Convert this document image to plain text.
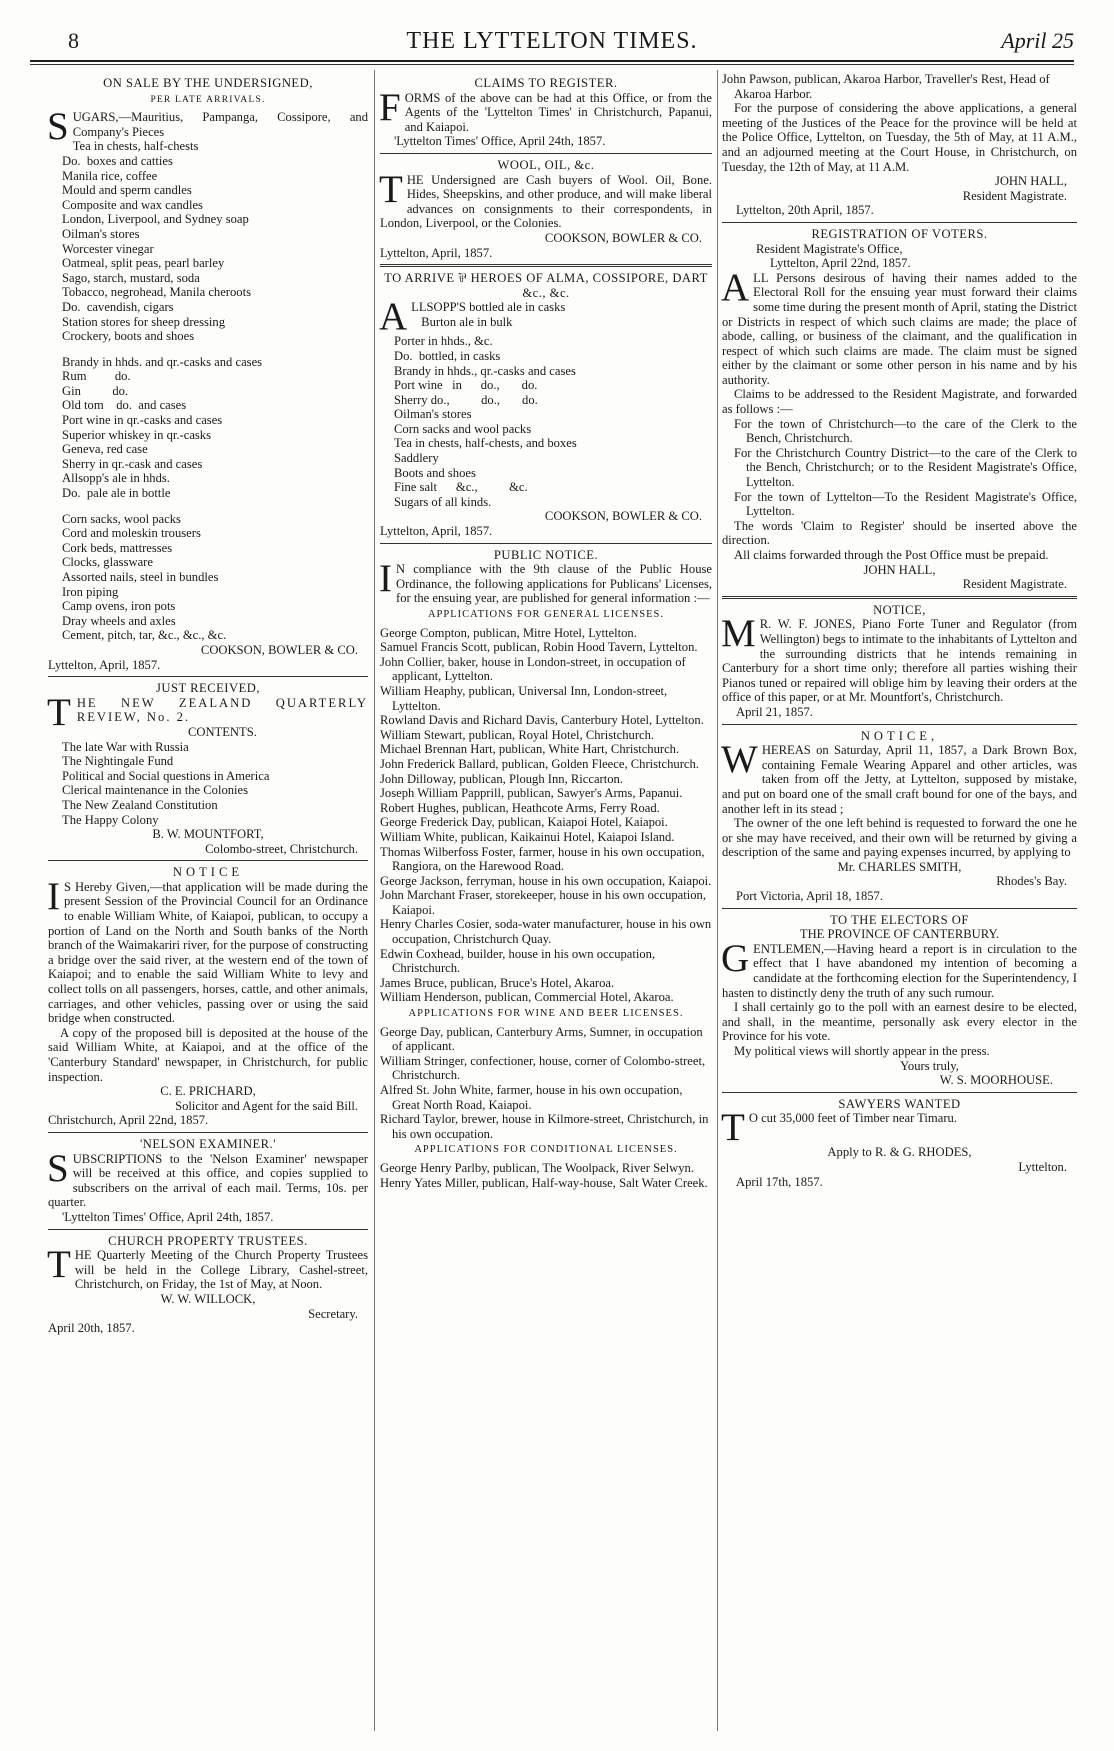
8	THE LYTTELTON TIMES.	April 25
ON SALE BY THE UNDERSIGNED,
PER LATE ARRIVALS.
SUGARS,—Mauritius, Pampanga, Cossipore, and Company's Pieces
Tea in chests, half-chests
Do.  boxes and catties
Manila rice, coffee
Mould and sperm candles
Composite and wax candles
London, Liverpool, and Sydney soap
Oilman's stores
Worcester vinegar
Oatmeal, split peas, pearl barley
Sago, starch, mustard, soda
Tobacco, negrohead, Manila cheroots
Do.  cavendish, cigars
Station stores for sheep dressing
Crockery, boots and shoes
Brandy in hhds. and qr.-casks and cases
Rum         do.
Gin          do.
Old tom    do.  and cases
Port wine in qr.-casks and cases
Superior whiskey in qr.-casks
Geneva, red case
Sherry in qr.-cask and cases
Allsopp's ale in hhds.
Do.  pale ale in bottle
Corn sacks, wool packs
Cord and moleskin trousers
Cork beds, mattresses
Clocks, glassware
Assorted nails, steel in bundles
Iron piping
Camp ovens, iron pots
Dray wheels and axles
Cement, pitch, tar, &c., &c., &c.
COOKSON, BOWLER & CO.
Lyttelton, April, 1857.
JUST RECEIVED,
THE NEW ZEALAND QUARTERLY REVIEW, No. 2.
CONTENTS.
The late War with Russia
The Nightingale Fund
Political and Social questions in America
Clerical maintenance in the Colonies
The New Zealand Constitution
The Happy Colony
B. W. MOUNTFORT,
Colombo-street, Christchurch.
NOTICE
I S Hereby Given,—that application will be made during the present Session of the Provincial Council for an Ordinance to enable William White, of Kaiapoi, publican, to occupy a portion of Land on the North and South banks of the North branch of the Waimakariri river, for the purpose of constructing a bridge over the said river, at the western end of the town of Kaiapoi; and to enable the said William White to levy and collect tolls on all passengers, horses, cattle, and other animals, carriages, and other vehicles, passing over or using the said bridge when constructed.
A copy of the proposed bill is deposited at the house of the said William White, at Kaiapoi, and at the office of the 'Canterbury Standard' newspaper, in Christchurch, for public inspection.
C. E. PRICHARD,
Solicitor and Agent for the said Bill.
Christchurch, April 22nd, 1857.
'NELSON EXAMINER.'
SUBSCRIPTIONS to the 'Nelson Examiner' newspaper will be received at this office, and copies supplied to subscribers on the arrival of each mail. Terms, 10s. per quarter.
'Lyttelton Times' Office, April 24th, 1857.
CHURCH PROPERTY TRUSTEES.
THE Quarterly Meeting of the Church Property Trustees will be held in the College Library, Cashel-street, Christchurch, on Friday, the 1st of May, at Noon.
W. W. WILLOCK,
Secretary.
April 20th, 1857.
CLAIMS TO REGISTER.
FORMS of the above can be had at this Office, or from the Agents of the 'Lyttelton Times' in Christchurch, Papanui, and Kaiapoi.
'Lyttelton Times' Office, April 24th, 1857.
WOOL, OIL, &c.
THE Undersigned are Cash buyers of Wool. Oil, Bone. Hides, Sheepskins, and other produce, and will make liberal advances on consignments to their correspondents, in London, Liverpool, or the Colonies.
COOKSON, BOWLER & CO.
Lyttelton, April, 1857.
TO ARRIVE ⅌ HEROES OF ALMA, COSSIPORE, DART &c., &c.
ALLSOPP'S bottled ale in casks
Burton ale in bulk
Porter in hhds., &c.
Do.  bottled, in casks
Brandy in hhds., qr.-casks and cases
Port wine   in      do.,       do.
Sherry do.,          do.,       do.
Oilman's stores
Corn sacks and wool packs
Tea in chests, half-chests, and boxes
Saddlery
Boots and shoes
Fine salt      &c.,          &c.
Sugars of all kinds.
COOKSON, BOWLER & CO.
Lyttelton, April, 1857.
PUBLIC NOTICE.
I N compliance with the 9th clause of the Public House Ordinance, the following applications for Publicans' Licenses, for the ensuing year, are published for general information :—
APPLICATIONS FOR GENERAL LICENSES.
George Compton, publican, Mitre Hotel, Lyttelton.
Samuel Francis Scott, publican, Robin Hood Tavern, Lyttelton.
John Collier, baker, house in London-street, in occupation of applicant, Lyttelton.
William Heaphy, publican, Universal Inn, London-street, Lyttelton.
Rowland Davis and Richard Davis, Canterbury Hotel, Lyttelton.
William Stewart, publican, Royal Hotel, Christchurch.
Michael Brennan Hart, publican, White Hart, Christchurch.
John Frederick Ballard, publican, Golden Fleece, Christchurch.
John Dilloway, publican, Plough Inn, Riccarton.
Joseph William Papprill, publican, Sawyer's Arms, Papanui.
Robert Hughes, publican, Heathcote Arms, Ferry Road.
George Frederick Day, publican, Kaiapoi Hotel, Kaiapoi.
William White, publican, Kaikainui Hotel, Kaiapoi Island.
Thomas Wilberfoss Foster, farmer, house in his own occupation, Rangiora, on the Harewood Road.
George Jackson, ferryman, house in his own occupation, Kaiapoi.
John Marchant Fraser, storekeeper, house in his own occupation, Kaiapoi.
Henry Charles Cosier, soda-water manufacturer, house in his own occupation, Christchurch Quay.
Edwin Coxhead, builder, house in his own occupation, Christchurch.
James Bruce, publican, Bruce's Hotel, Akaroa.
William Henderson, publican, Commercial Hotel, Akaroa.
APPLICATIONS FOR WINE AND BEER LICENSES.
George Day, publican, Canterbury Arms, Sumner, in occupation of applicant.
William Stringer, confectioner, house, corner of Colombo-street, Christchurch.
Alfred St. John White, farmer, house in his own occupation, Great North Road, Kaiapoi.
Richard Taylor, brewer, house in Kilmore-street, Christchurch, in his own occupation.
APPLICATIONS FOR CONDITIONAL LICENSES.
George Henry Parlby, publican, The Woolpack, River Selwyn.
Henry Yates Miller, publican, Half-way-house, Salt Water Creek.
John Pawson, publican, Akaroa Harbor, Traveller's Rest, Head of Akaroa Harbor.
For the purpose of considering the above applications, a general meeting of the Justices of the Peace for the province will be held at the Police Office, Lyttelton, on Tuesday, the 5th of May, at 11 A.M., and an adjourned meeting at the Court House, in Christchurch, on Tuesday, the 12th of May, at 11 A.M.
JOHN HALL,
Resident Magistrate.
Lyttelton, 20th April, 1857.
REGISTRATION OF VOTERS.
Resident Magistrate's Office,
Lyttelton, April 22nd, 1857.
ALL Persons desirous of having their names added to the Electoral Roll for the ensuing year must forward their claims some time during the present month of April, stating the District or Districts in respect of which such claims are made; the place of abode, calling, or business of the claimant, and the qualification in respect of which such claims are made. The claim must be signed either by the claimant or some other person in his name and by his authority.
Claims to be addressed to the Resident Magistrate, and forwarded as follows :—
For the town of Christchurch—to the care of the Clerk to the Bench, Christchurch.
For the Christchurch Country District—to the care of the Clerk to the Bench, Christchurch; or to the Resident Magistrate's Office, Lyttelton.
For the town of Lyttelton—To the Resident Magistrate's Office, Lyttelton.
The words 'Claim to Register' should be inserted above the direction.
All claims forwarded through the Post Office must be prepaid.
JOHN HALL,
Resident Magistrate.
NOTICE,
M R. W. F. JONES, Piano Forte Tuner and Regulator (from Wellington) begs to intimate to the inhabitants of Lyttelton and the surrounding districts that he intends remaining in Canterbury for a short time only; therefore all parties wishing their Pianos tuned or repaired will oblige him by leaving their orders at the office of this paper, or at Mr. Mountfort's, Christchurch.
April 21, 1857.
NOTICE,
WHEREAS on Saturday, April 11, 1857, a Dark Brown Box, containing Female Wearing Apparel and other articles, was taken from off the Jetty, at Lyttelton, supposed by mistake, and put on board one of the small craft bound for one of the bays, and another left in its stead ;
The owner of the one left behind is requested to forward the one he or she may have received, and their own will be returned by giving a description of the same and paying expenses incurred, by applying to
Mr. CHARLES SMITH,
Rhodes's Bay.
Port Victoria, April 18, 1857.
TO THE ELECTORS OF
THE PROVINCE OF CANTERBURY.
GENTLEMEN,—Having heard a report is in circulation to the effect that I have abandoned my intention of becoming a candidate at the forthcoming election for the Superintendency, I hasten to distinctly deny the truth of any such rumour.
I shall certainly go to the poll with an earnest desire to be elected, and shall, in the meantime, personally ask every elector in the Province for his vote.
My political views will shortly appear in the press.
Yours truly,
W. S. MOORHOUSE.
SAWYERS WANTED
T O cut 35,000 feet of Timber near Timaru.
Apply to R. & G. RHODES,
Lyttelton.
April 17th, 1857.
